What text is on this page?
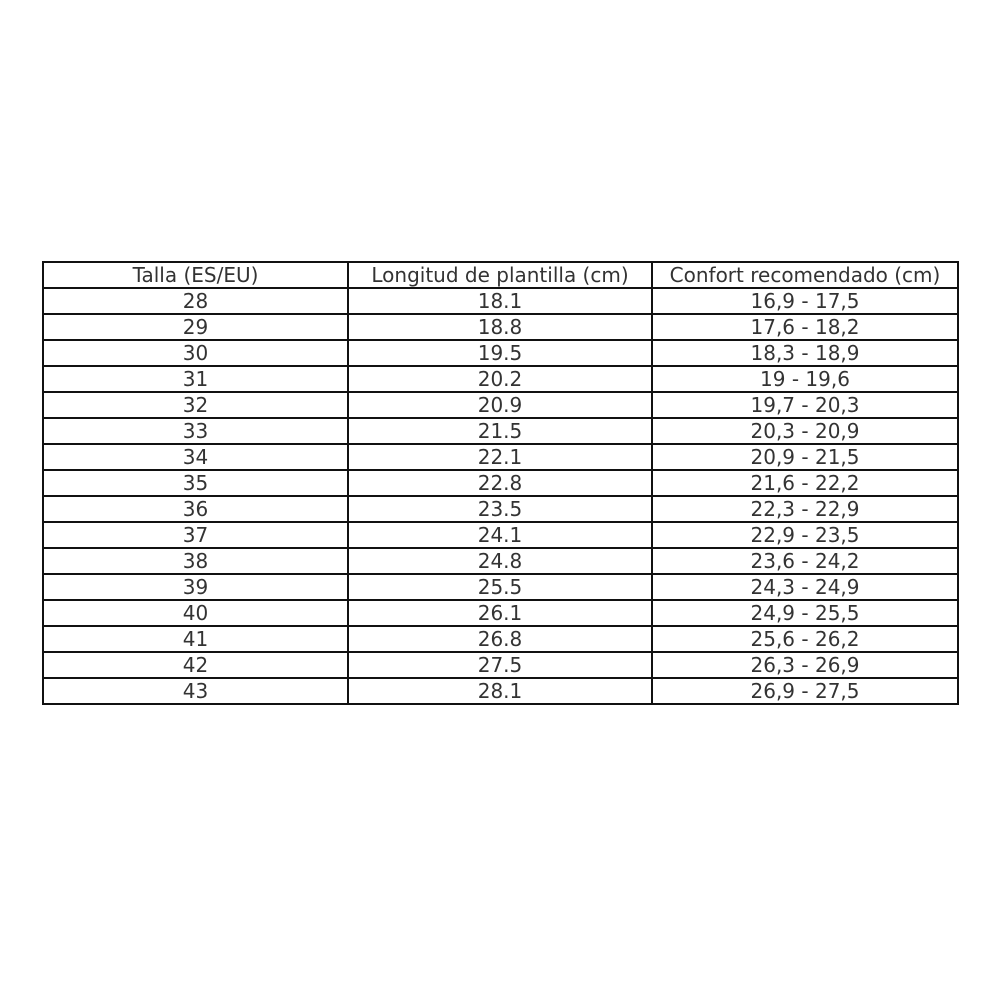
Talla (ES/EU)	Longitud de plantilla (cm)	Confort recomendado (cm)
28	18.1	16,9 - 17,5
29	18.8	17,6 - 18,2
30	19.5	18,3 - 18,9
31	20.2	19 - 19,6
32	20.9	19,7 - 20,3
33	21.5	20,3 - 20,9
34	22.1	20,9 - 21,5
35	22.8	21,6 - 22,2
36	23.5	22,3 - 22,9
37	24.1	22,9 - 23,5
38	24.8	23,6 - 24,2
39	25.5	24,3 - 24,9
40	26.1	24,9 - 25,5
41	26.8	25,6 - 26,2
42	27.5	26,3 - 26,9
43	28.1	26,9 - 27,5
